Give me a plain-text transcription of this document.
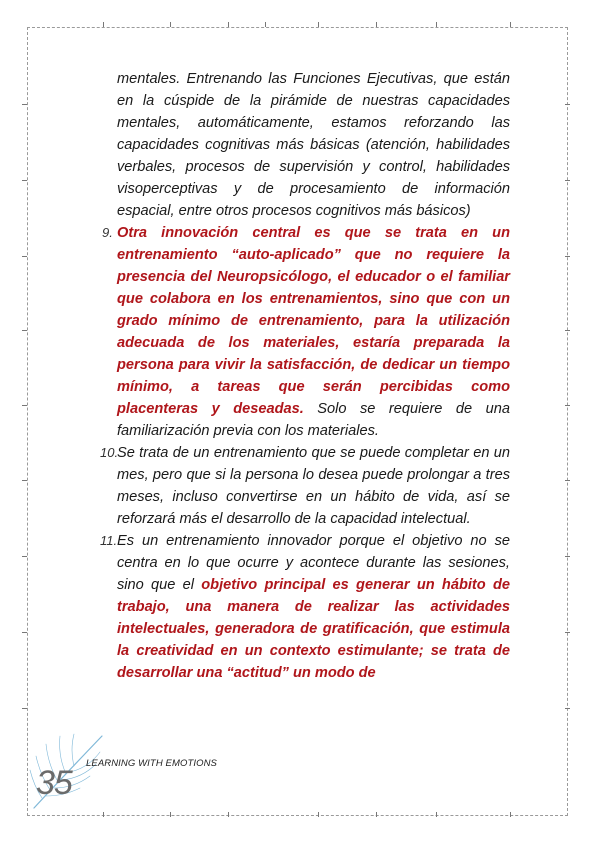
mentales. Entrenando las Funciones Ejecutivas, que están en la cúspide de la pirámide de nuestras capacidades mentales, automáticamente, estamos reforzando las capacidades cognitivas más básicas (atención, habilidades verbales, procesos de supervisión y control, habilidades visoperceptivas y de procesamiento de información espacial, entre otros procesos cognitivos más básicos)

9. Otra innovación central es que se trata en un entrenamiento “auto-aplicado” que no requiere la presencia del Neuropsicólogo, el educador o el familiar que colabora en los entrenamientos, sino que con un grado mínimo de entrenamiento, para la utilización adecuada de los materiales, estaría preparada la persona para vivir la satisfacción, de dedicar un tiempo mínimo, a tareas que serán percibidas como placenteras y deseadas. Solo se requiere de una familiarización previa con los materiales.
10.
Se trata de un entrenamiento que se puede completar en un mes, pero que si la persona lo desea puede prolongar a tres meses, incluso convertirse en un hábito de vida, así se reforzará más el desarrollo de la capacidad intelectual.
11. Es un entrenamiento innovador porque el objetivo no se centra en lo que ocurre y acontece durante las sesiones, sino que el objetivo principal es generar un hábito de trabajo, una manera de realizar las actividades intelectuales, generadora de gratificación, que estimula la creatividad en un contexto estimulante; se trata de desarrollar una “actitud” un modo de
35
LEARNING WITH EMOTIONS
